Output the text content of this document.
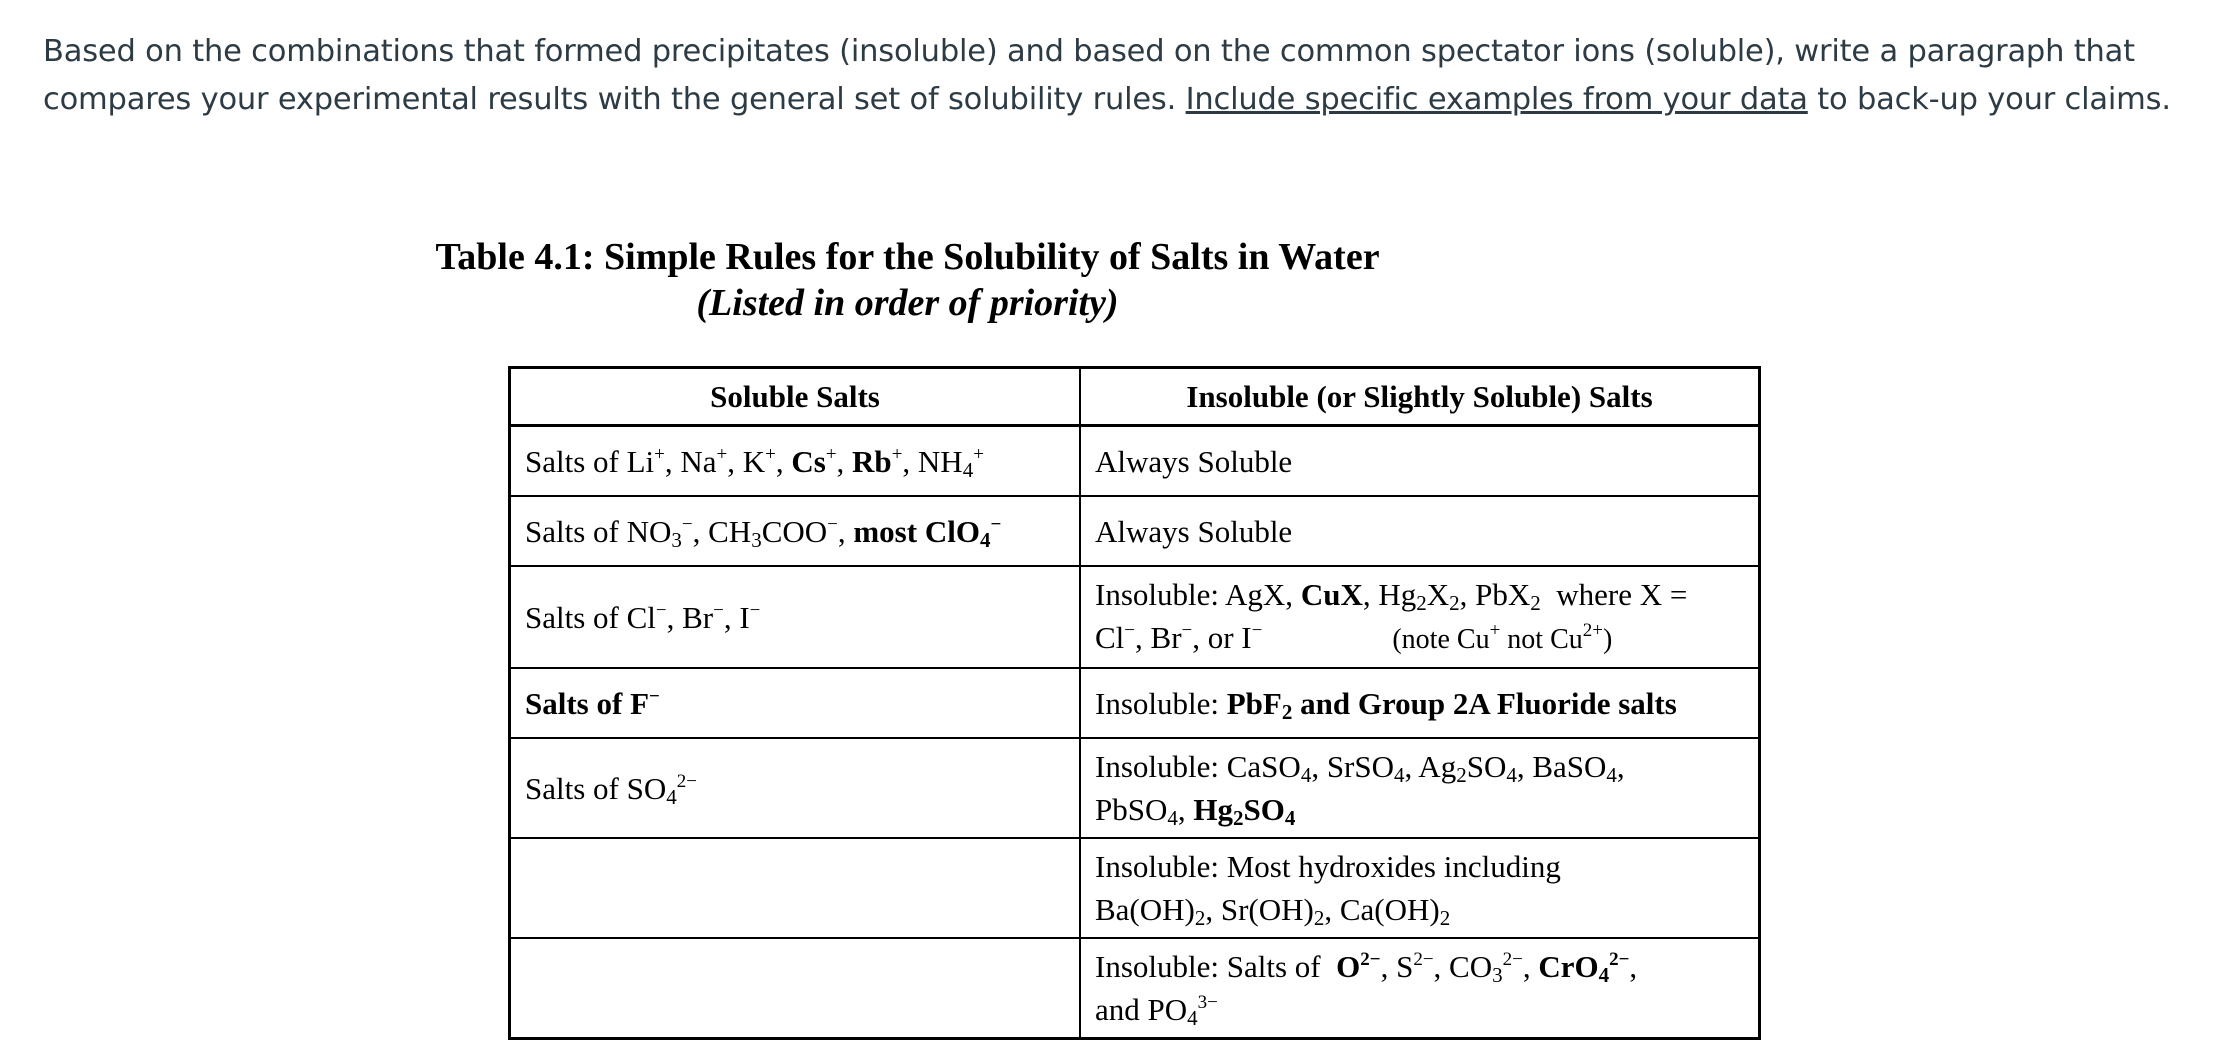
Based on the combinations that formed precipitates (insoluble) and based on the common spectator ions (soluble), write a paragraph that compares your experimental results with the general set of solubility rules. Include specific examples from your data to back-up your claims.
Table 4.1: Simple Rules for the Solubility of Salts in Water
(Listed in order of priority)
Soluble Salts	Insoluble (or Slightly Soluble) Salts
Salts of Li+, Na+, K+, Cs+, Rb+, $NH_4^+$	Always Soluble
Salts of $NO_3^-$, $CH_3COO^-$, most ClO$_4$−	Always Soluble
Salts of Cl−, Br−, I−	Insoluble: AgX, CuX, $Hg_2X_2$, PbX$_2$  where X =
Cl−, Br−, or I− (note Cu+ not $Cu^{2+}$)
Salts of F−	Insoluble: PbF$_2$ and Group 2A Fluoride salts
Salts of $SO_4^{2-}$	Insoluble: CaSO$_4$, SrSO$_4$, $Ag_2SO_4$, BaSO$_4$,
PbSO$_4$, $Hg_2SO_4$
	Insoluble: Most hydroxides including
$Ba(OH)_2$, $Sr(OH)_2$, $Ca(OH)_2$
	Insoluble: Salts of  $O^{2-}$, $S^{2-}$, $CO_3^{2-}$, CrO$_4^{2-}$,
and $PO_4^{3-}$
